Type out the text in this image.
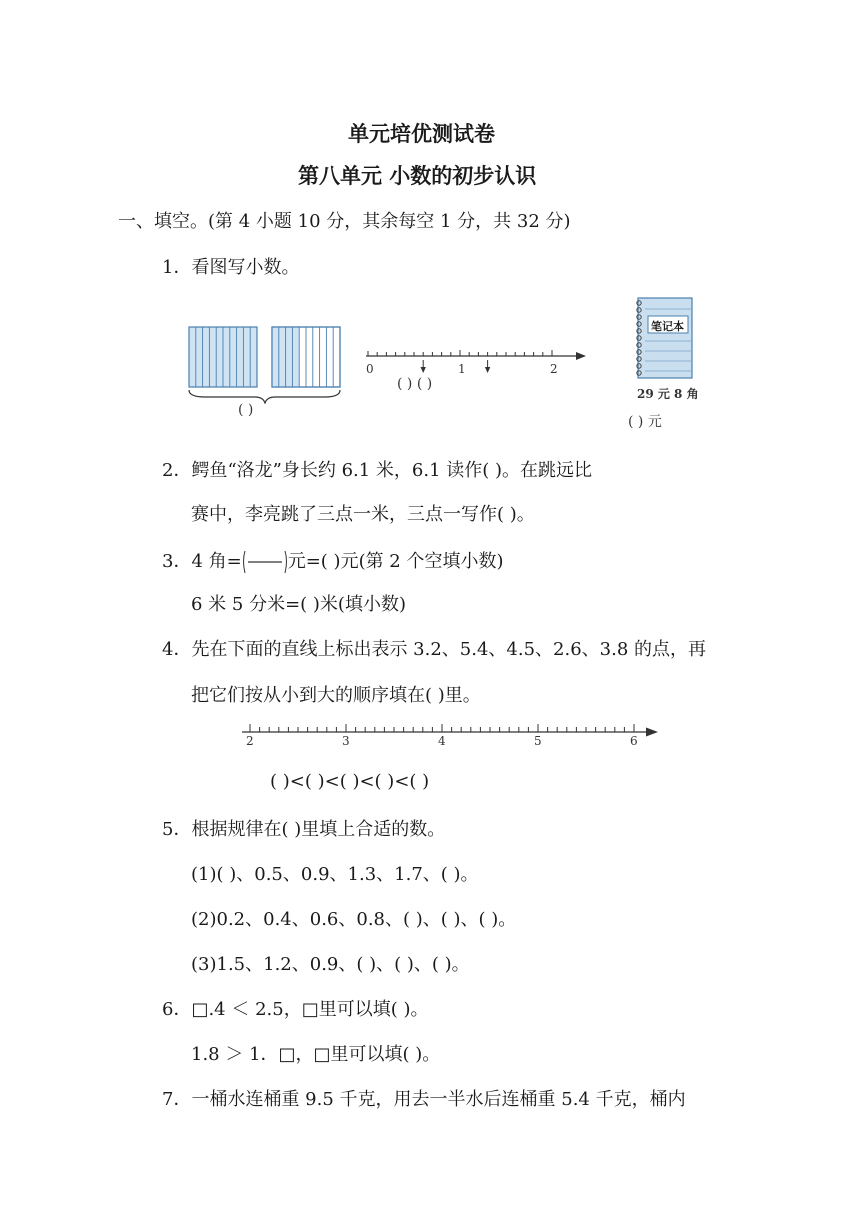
单元培优测试卷
第八单元 小数的初步认识
一、填空。(第 4 小题 10 分，其余每空 1 分，共 32 分)
1．看图写小数。
( )
0	1	2
( ) ( )
笔记本
29 元 8 角
( ) 元
2．鳄鱼“洛龙”身长约 6.1 米，6.1 读作( )。在跳远比
赛中，李亮跳了三点一米，三点一写作( )。
3．4 角=	元=( )元(第 2 个空填小数)
6 米 5 分米=( )米(填小数)
4．先在下面的直线上标出表示 3.2、5.4、4.5、2.6、3.8 的点，再
把它们按从小到大的顺序填在( )里。
2	3	4	5	6
( )<( )<( )<( )<( )
5．根据规律在( )里填上合适的数。
(1)( )、0.5、0.9、1.3、1.7、( )。
(2)0.2、0.4、0.6、0.8、( )、( )、( )。
(3)1.5、1.2、0.9、( )、( )、( )。
6．□.4 ＜ 2.5，□里可以填( )。
1.8 ＞ 1．□，□里可以填( )。
7．一桶水连桶重 9.5 千克，用去一半水后连桶重 5.4 千克，桶内
